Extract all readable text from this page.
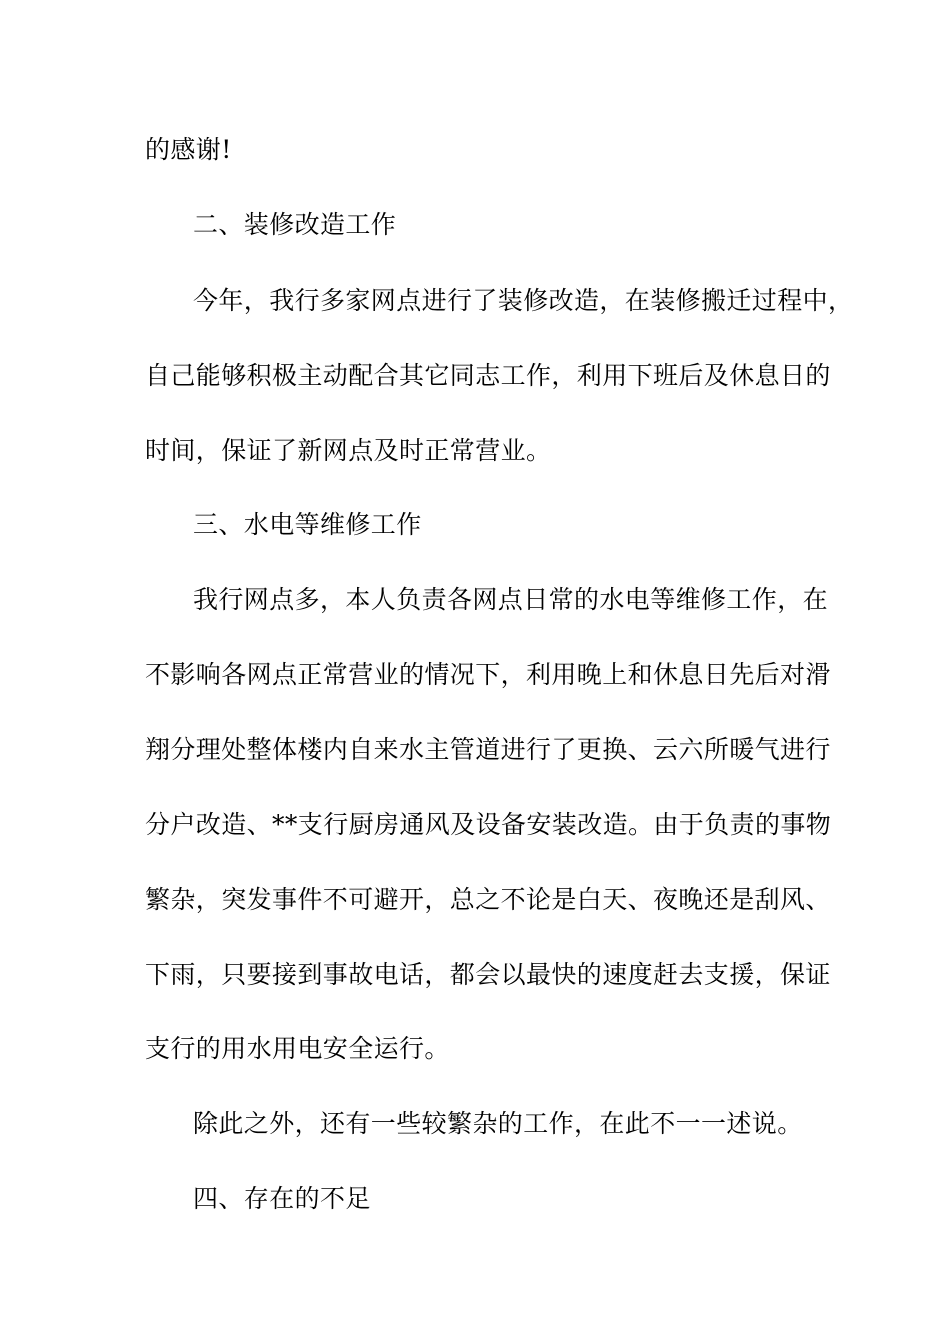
的感谢!
二、装修改造工作
今年，我行多家网点进行了装修改造，在装修搬迁过程中，
自己能够积极主动配合其它同志工作，利用下班后及休息日的
时间，保证了新网点及时正常营业。
三、水电等维修工作
我行网点多，本人负责各网点日常的水电等维修工作，在
不影响各网点正常营业的情况下，利用晚上和休息日先后对滑
翔分理处整体楼内自来水主管道进行了更换、云六所暖气进行
分户改造、**支行厨房通风及设备安装改造。由于负责的事物
繁杂，突发事件不可避开，总之不论是白天、夜晚还是刮风、
下雨，只要接到事故电话，都会以最快的速度赶去支援，保证
支行的用水用电安全运行。
除此之外，还有一些较繁杂的工作，在此不一一述说。
四、存在的不足
